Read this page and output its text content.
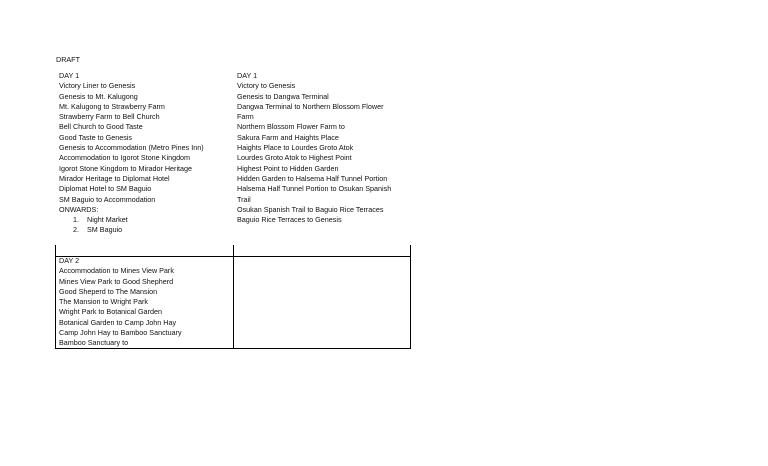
DRAFT
DAY 1
Victory Liner to Genesis
Genesis to Mt. Kalugong
Mt. Kalugong to Strawberry Farm
Strawberry Farm to Bell Church
Bell Church to Good Taste
Good Taste to Genesis
Genesis to Accommodation (Metro Pines Inn)
Accommodation to Igorot Stone Kingdom
Igorot Stone Kingdom to Mirador Heritage
Mirador Heritage to Diplomat Hotel
Diplomat Hotel to SM Baguio
SM Baguio to Accommodation
ONWARDS:
1. Night Market
2. SM Baguio
DAY 1
Victory to Genesis
Genesis to Dangwa Terminal
Dangwa Terminal to Northern Blossom Flower
Farm
Northern Blossom Flower Farm to
Sakura Farm and Haights Place
Haights Place to Lourdes Groto Atok
Lourdes Groto Atok to Highest Point
Highest Point to Hidden Garden
Hidden Garden to Halsema Half Tunnel Portion
Halsema Half Tunnel Portion to Osukan Spanish
Trail
Osukan Spanish Trail to Baguio Rice Terraces
Baguio Rice Terraces to Genesis
DAY 2
Accommodation to Mines View Park
Mines View Park to Good Shepherd
Good Sheperd to The Mansion
The Mansion to Wright Park
Wright Park to Botanical Garden
Botanical Garden to Camp John Hay
Camp John Hay to Bamboo Sanctuary
Bamboo Sanctuary to
